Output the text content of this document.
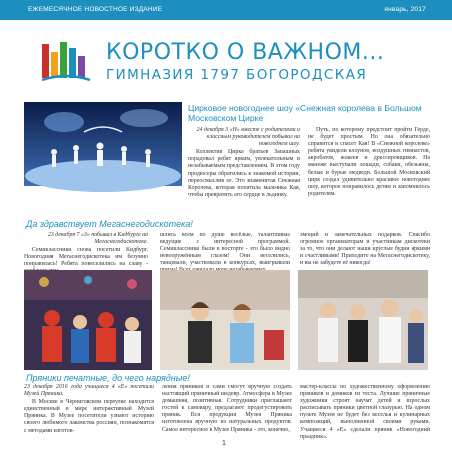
ЕЖЕМЕСЯЧНОЕ НОВОСТНОЕ ИЗДАНИЕ	январь, 2017
КОРОТКО О ВАЖНОМ...
ГИМНАЗИЯ 1797 БОГОРОДСКАЯ
Цирковое новогоднее шоу «Снежная королева в Большом Московском Цирке

24 декабря 3 «Н» вместе с родителями и классным руководителем побывал на новогоднем шоу.

Коллектив Цирка братьев Запашных порадовал ребят ярким, увлекательным и незабываемым представлением. В этом году продюсеры обратились к знакомой истории, переосмыслив ее. Это знаменитая Снежная Королева, которая похитила мальчика Кая, чтобы превратить его сердце в льдинку.

Путь, по которому предстоит пройти Герде, не будет простым. Но она обязательно справится и спасет Кая! В «Снежной королеве» ребята увидели клоунов, воздушных гимнастов, акробатов, жокеев и дрессировщиков. На манеже выступали лошади, собаки, обезьяны, белые и бурые медведи. Большой Московский цирк создал удивительно красивое новогоднее шоу, которое понравилось детям и запомнилось родителям.

Да здравствует Мегаснегодискотека!

23 декабря 7 «З» побывал в Кидбурге на Мегаснегодискотеке.

Семиклассники снова посетили Кидбург. Новогодняя Мегаснегодискотека им безумно понравилась! Ребята повеселились на славу -

шлись всем по душе весёлые, талантливые ведущие с интересной программой. Семиклассники были в восторге - это было видно невооружённым глазом! Они веселились, танцевали, участвовали в конкурсах, выигрывали

эмоций и замечательных подарков. Спасибо огромное организаторам и участникам дискотеки за то, что они делают наши круглые будни яркими и счастливыми! Приходите на Мегаснегодискотеку, и вы не забудете её никогда!

Пряники печатные, до чего нарядные!

23 декабря 2016 года учащиеся 4 «Е» посетили Музей Пряника.

В Москве в Черниговском переулке находится единственный в мире интерактивный Музей Пряника. В Музее посетители узнают историю своего любимого лакомства россиян, познакомятся с методами изготов-

ления пряников и сами смогут вручную создать настоящий пряничный шедевр. Атмосфера в Музее домашняя, позитивная. Сотрудники приглашают гостей к самовару, предлагают продегустировать пряник. Вся продукция Музея Пряника изготовлена вручную из натуральных продуктов. Самое интересное в Музее Пряника - это, конечно,

мастер-классы по художественному оформлению пряников и домиков из теста. Лучшие пряничные художники строят научат детей и взрослых расписывать пряники цветной глазурью. На одном пульте Музея не будет без веселья и кулинарных композиций, выполненной своими руками. Учащиеся 4 «Е» сделали пряник «Новогодний праздник».

1
